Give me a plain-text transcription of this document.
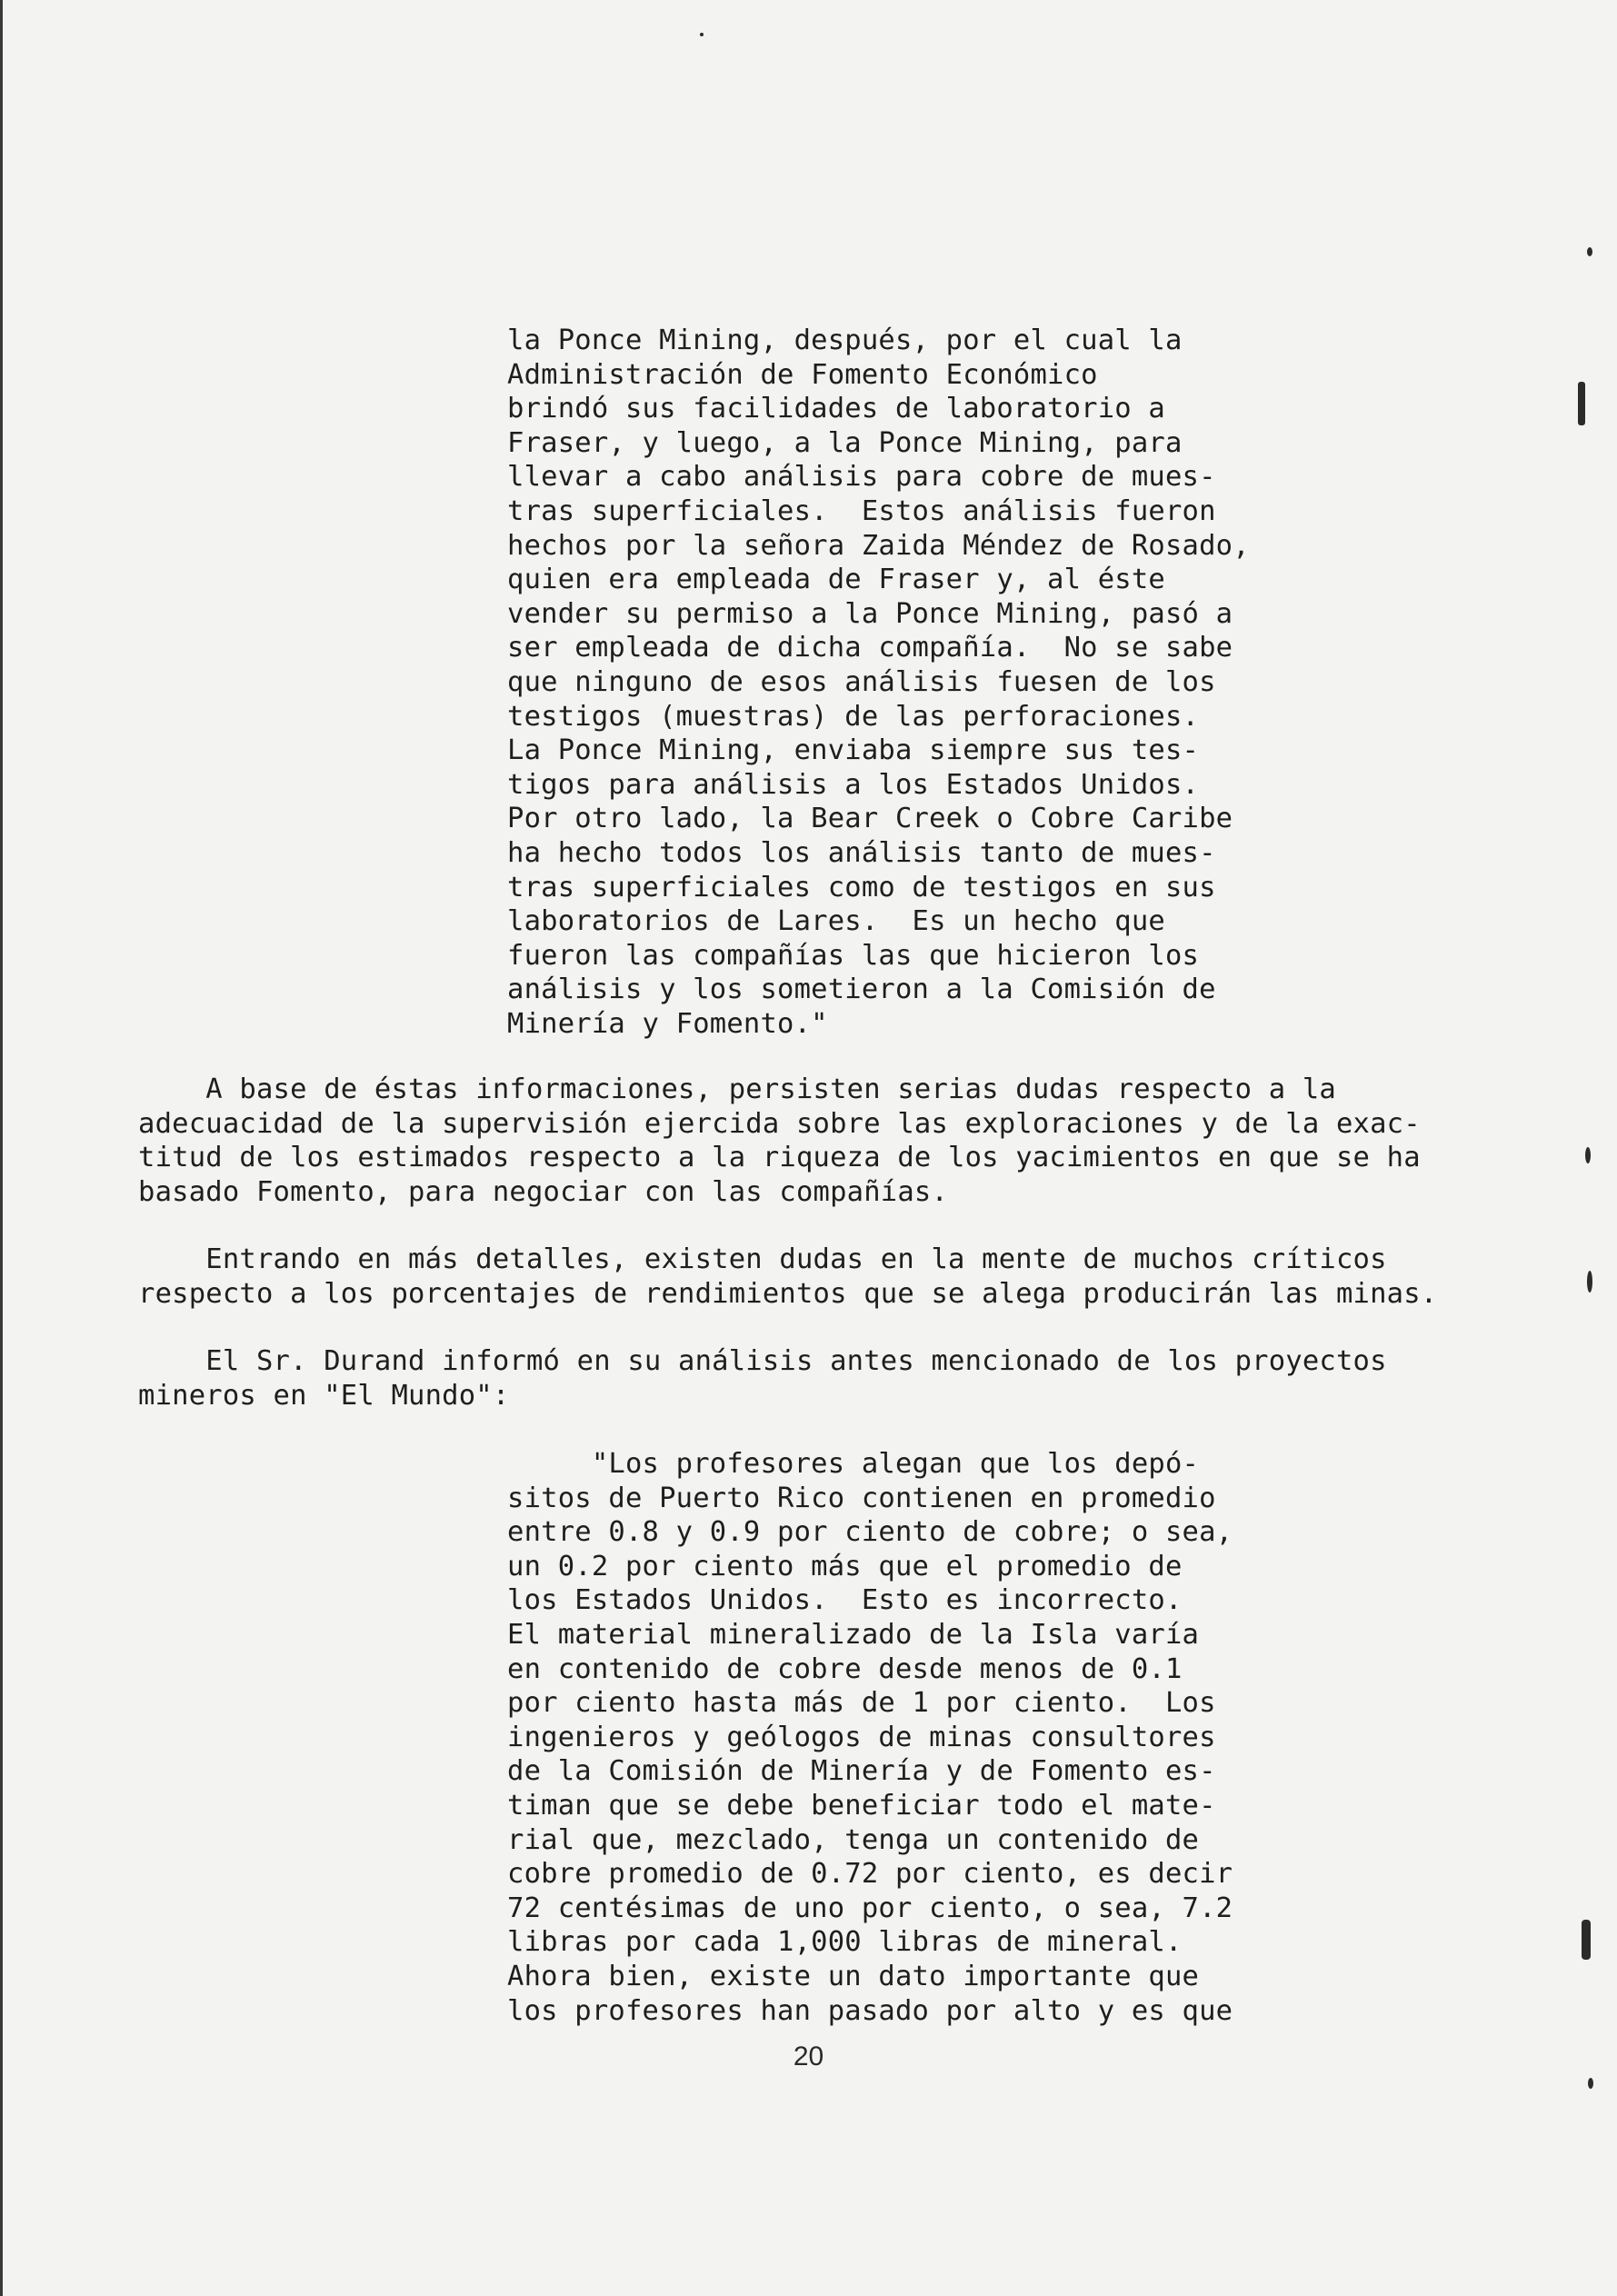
la Ponce Mining, después, por el cual la
Administración de Fomento Económico
brindó sus facilidades de laboratorio a
Fraser, y luego, a la Ponce Mining, para
llevar a cabo análisis para cobre de mues-
tras superficiales.  Estos análisis fueron
hechos por la señora Zaida Méndez de Rosado,
quien era empleada de Fraser y, al éste
vender su permiso a la Ponce Mining, pasó a
ser empleada de dicha compañía.  No se sabe
que ninguno de esos análisis fuesen de los
testigos (muestras) de las perforaciones.
La Ponce Mining, enviaba siempre sus tes-
tigos para análisis a los Estados Unidos.
Por otro lado, la Bear Creek o Cobre Caribe
ha hecho todos los análisis tanto de mues-
tras superficiales como de testigos en sus
laboratorios de Lares.  Es un hecho que
fueron las compañías las que hicieron los
análisis y los sometieron a la Comisión de
Minería y Fomento."
A base de éstas informaciones, persisten serias dudas respecto a la
adecuacidad de la supervisión ejercida sobre las exploraciones y de la exac-
titud de los estimados respecto a la riqueza de los yacimientos en que se ha
basado Fomento, para negociar con las compañías.
Entrando en más detalles, existen dudas en la mente de muchos críticos
respecto a los porcentajes de rendimientos que se alega producirán las minas.
El Sr. Durand informó en su análisis antes mencionado de los proyectos
mineros en "El Mundo":
"Los profesores alegan que los depó-
sitos de Puerto Rico contienen en promedio
entre 0.8 y 0.9 por ciento de cobre; o sea,
un 0.2 por ciento más que el promedio de
los Estados Unidos.  Esto es incorrecto.
El material mineralizado de la Isla varía
en contenido de cobre desde menos de 0.1
por ciento hasta más de 1 por ciento.  Los
ingenieros y geólogos de minas consultores
de la Comisión de Minería y de Fomento es-
timan que se debe beneficiar todo el mate-
rial que, mezclado, tenga un contenido de
cobre promedio de 0.72 por ciento, es decir
72 centésimas de uno por ciento, o sea, 7.2
libras por cada 1,000 libras de mineral.
Ahora bien, existe un dato importante que
los profesores han pasado por alto y es que
20
